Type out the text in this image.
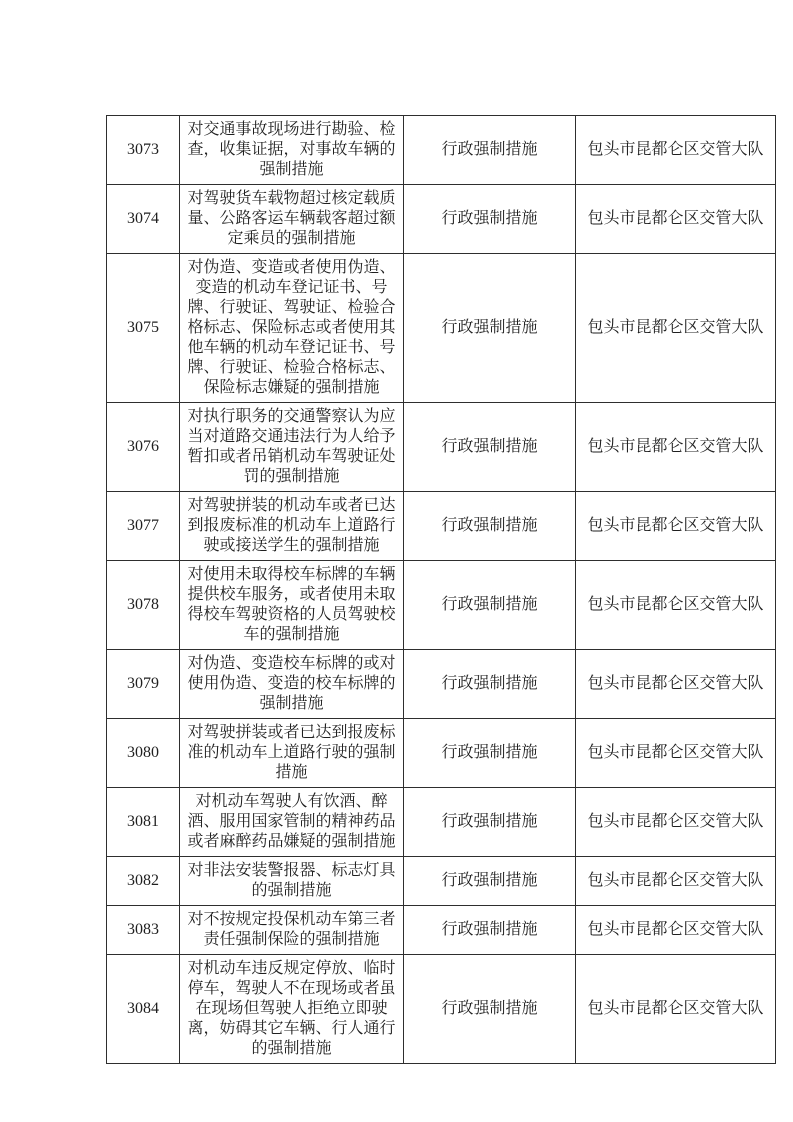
3073	对交通事故现场进行勘验、检查，收集证据，对事故车辆的强制措施	行政强制措施	包头市昆都仑区交管大队
3074	对驾驶货车载物超过核定载质量、公路客运车辆载客超过额定乘员的强制措施	行政强制措施	包头市昆都仑区交管大队
3075	对伪造、变造或者使用伪造、变造的机动车登记证书、号牌、行驶证、驾驶证、检验合格标志、保险标志或者使用其他车辆的机动车登记证书、号牌、行驶证、检验合格标志、保险标志嫌疑的强制措施	行政强制措施	包头市昆都仑区交管大队
3076	对执行职务的交通警察认为应当对道路交通违法行为人给予暂扣或者吊销机动车驾驶证处罚的强制措施	行政强制措施	包头市昆都仑区交管大队
3077	对驾驶拼装的机动车或者已达到报废标准的机动车上道路行驶或接送学生的强制措施	行政强制措施	包头市昆都仑区交管大队
3078	对使用未取得校车标牌的车辆提供校车服务，或者使用未取得校车驾驶资格的人员驾驶校车的强制措施	行政强制措施	包头市昆都仑区交管大队
3079	对伪造、变造校车标牌的或对使用伪造、变造的校车标牌的强制措施	行政强制措施	包头市昆都仑区交管大队
3080	对驾驶拼装或者已达到报废标准的机动车上道路行驶的强制措施	行政强制措施	包头市昆都仑区交管大队
3081	对机动车驾驶人有饮酒、醉酒、服用国家管制的精神药品或者麻醉药品嫌疑的强制措施	行政强制措施	包头市昆都仑区交管大队
3082	对非法安装警报器、标志灯具的强制措施	行政强制措施	包头市昆都仑区交管大队
3083	对不按规定投保机动车第三者责任强制保险的强制措施	行政强制措施	包头市昆都仑区交管大队
3084	对机动车违反规定停放、临时停车，驾驶人不在现场或者虽在现场但驾驶人拒绝立即驶离，妨碍其它车辆、行人通行的强制措施	行政强制措施	包头市昆都仑区交管大队
